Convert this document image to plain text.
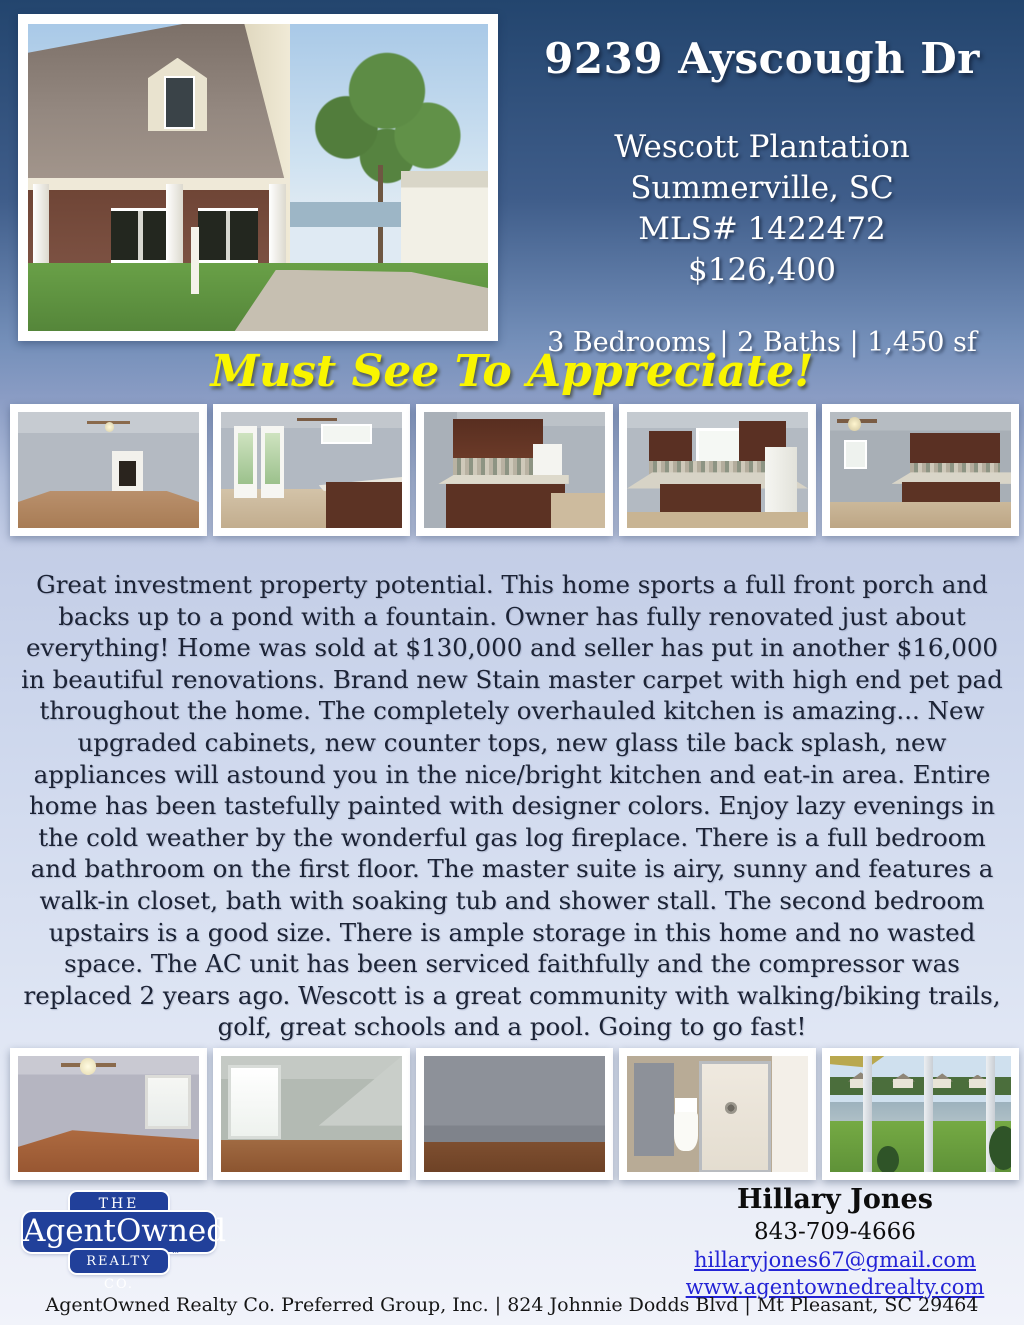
9239 Ayscough Dr
Wescott Plantation
Summerville, SC
MLS# 1422472
$126,400
3 Bedrooms | 2 Baths | 1,450 sf
Must See To Appreciate!
Great investment property potential. This home sports a full front porch and backs up to a pond with a fountain. Owner has fully renovated just about everything! Home was sold at $130,000 and seller has put in another $16,000 in beautiful renovations. Brand new Stain master carpet with high end pet pad throughout the home. The completely overhauled kitchen is amazing... New upgraded cabinets, new counter tops, new glass tile back splash, new appliances will astound you in the nice/bright kitchen and eat-in area. Entire home has been tastefully painted with designer colors. Enjoy lazy evenings in the cold weather by the wonderful gas log fireplace. There is a full bedroom and bathroom on the first floor. The master suite is airy, sunny and features a walk-in closet, bath with soaking tub and shower stall. The second bedroom upstairs is a good size. There is ample storage in this home and no wasted space. The AC unit has been serviced faithfully and the compressor was replaced 2 years ago. Wescott is a great community with walking/biking trails, golf, great schools and a pool. Going to go fast!
THE
AgentOwned
REALTY CO.
™
Hillary Jones
843-709-4666
hillaryjones67@gmail.com
www.agentownedrealty.com
AgentOwned Realty Co. Preferred Group, Inc. | 824 Johnnie Dodds Blvd | Mt Pleasant, SC 29464
